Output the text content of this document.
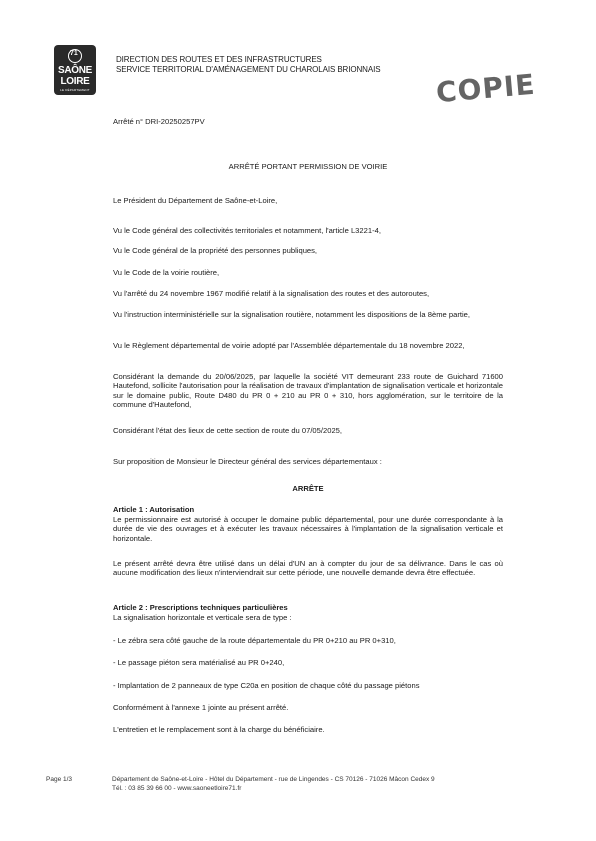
71
SAÔNE
LOIRE
LE DÉPARTEMENT
DIRECTION DES ROUTES ET DES INFRASTRUCTURES
SERVICE TERRITORIAL D'AMÉNAGEMENT DU CHAROLAIS BRIONNAIS COPIE
Arrêté n° DRI-20250257PV
ARRÊTÉ PORTANT PERMISSION DE VOIRIE
Le Président du Département de Saône-et-Loire,
Vu le Code général des collectivités territoriales et notamment, l'article L3221-4,
Vu le Code général de la propriété des personnes publiques,
Vu le Code de la voirie routière,
Vu l'arrêté du 24 novembre 1967 modifié relatif à la signalisation des routes et des autoroutes,
Vu l'instruction interministérielle sur la signalisation routière, notamment les dispositions de la 8ème partie,
Vu le Règlement départemental de voirie adopté par l'Assemblée départementale du 18 novembre 2022,
Considérant la demande du 20/06/2025, par laquelle la société VIT demeurant 233 route de Guichard 71600 Hautefond, sollicite l'autorisation pour la réalisation de travaux d'implantation de signalisation verticale et horizontale sur le domaine public, Route D480 du PR 0 + 210 au PR 0 + 310, hors agglomération, sur le territoire de la commune d'Hautefond,
Considérant l'état des lieux de cette section de route du 07/05/2025,
Sur proposition de Monsieur le Directeur général des services départementaux :
ARRÊTE
Article 1 : Autorisation
Le permissionnaire est autorisé à occuper le domaine public départemental, pour une durée correspondante à la durée de vie des ouvrages et à exécuter les travaux nécessaires à l'implantation de la signalisation verticale et horizontale.
Le présent arrêté devra être utilisé dans un délai d'UN an à compter du jour de sa délivrance. Dans le cas où aucune modification des lieux n'interviendrait sur cette période, une nouvelle demande devra être effectuée.
Article 2 : Prescriptions techniques particulières
La signalisation horizontale et verticale sera de type :
- Le zébra sera côté gauche de la route départementale du PR 0+210 au PR 0+310,
- Le passage piéton sera matérialisé au PR 0+240,
- Implantation de 2 panneaux de type C20a en position de chaque côté du passage piétons
Conformément à l'annexe 1 jointe au présent arrêté.
L'entretien et le remplacement sont à la charge du bénéficiaire.
Page 1/3	Département de Saône-et-Loire - Hôtel du Département - rue de Lingendes - CS 70126 - 71026 Mâcon Cedex 9
Tél. : 03 85 39 66 00 - www.saoneetloire71.fr
